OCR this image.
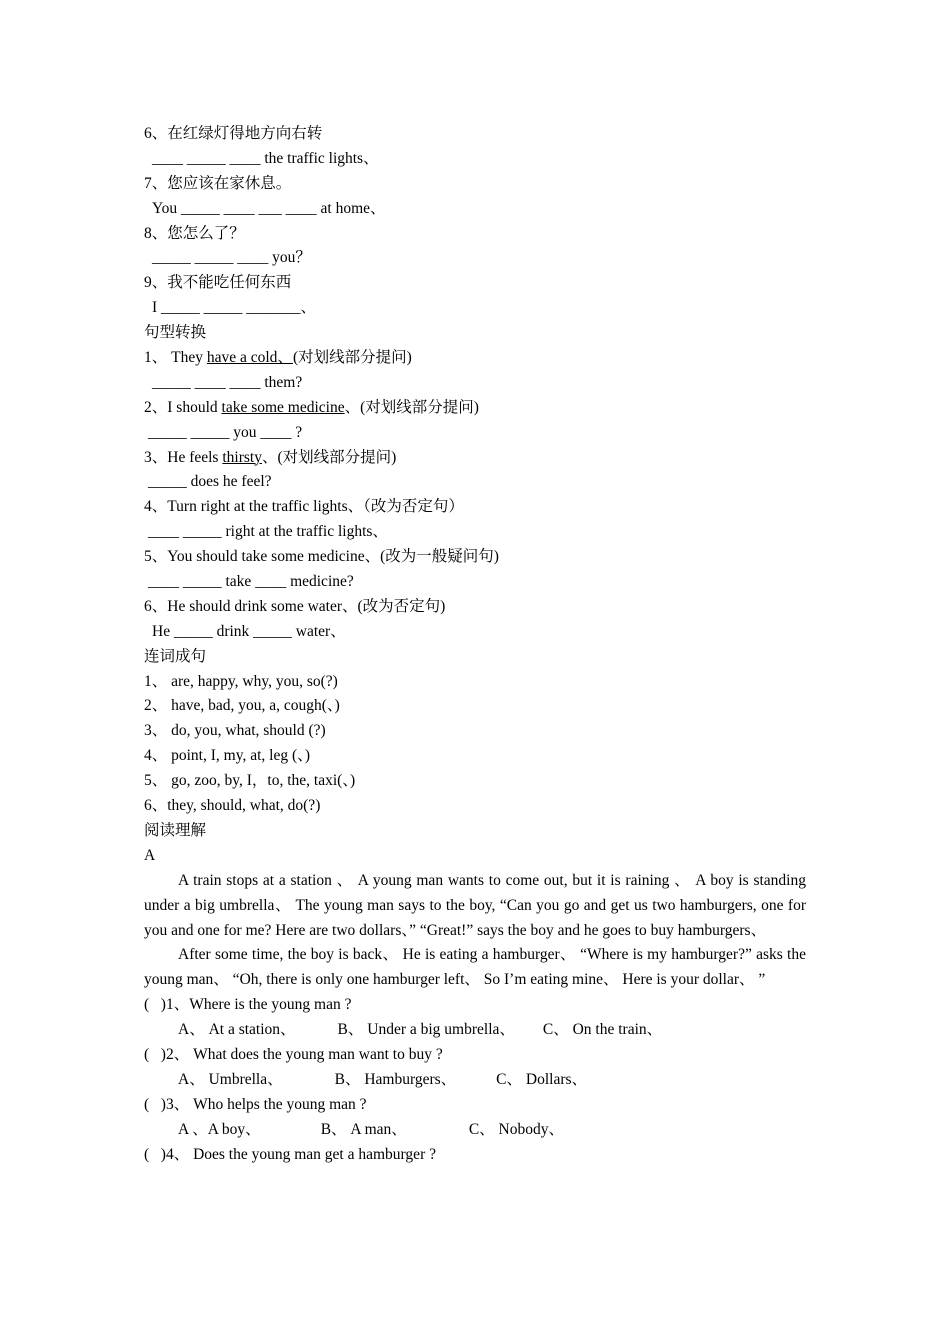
6、在红绿灯得地方向右转
____ _____ ____ the traffic lights、
7、您应该在家休息。
You _____ ____ ___ ____ at home、
8、您怎么了？
_____ _____ ____ you？
9、我不能吃任何东西
I _____ _____ _______、
句型转换
1、 They have a cold、(对划线部分提问)
_____ ____ ____ them?
2、I should take some medicine、(对划线部分提问)
_____ _____ you ____ ?
3、He feels thirsty、(对划线部分提问)
_____ does he feel?
4、Turn right at the traffic lights、（改为否定句）
____ _____ right at the traffic lights、
5、You should take some medicine、(改为一般疑问句)
____ _____ take ____ medicine?
6、He should drink some water、(改为否定句)
He _____ drink _____ water、
连词成句
1、 are, happy, why, you, so(?)
2、 have, bad, you, a, cough(、)
3、 do, you, what, should (?)
4、 point, I, my, at, leg (、)
5、 go, zoo, by, I，to, the, taxi(、)
6、they, should, what, do(?)
阅读理解
A
A train stops at a station 、 A young man wants to come out, but it is raining 、 A boy is standing under a big umbrella、 The young man says to the boy, “Can you go and get us two hamburgers, one for you and one for me? Here are two dollars、” “Great!” says the boy and he goes to buy hamburgers、
After some time, the boy is back、 He is eating a hamburger、 “Where is my hamburger?” asks the young man、 “Oh, there is only one hamburger left、 So I’m eating mine、 Here is your dollar、 ”
(   )1、Where is the young man ?
A、 At a station、	B、 Under a big umbrella、 C、 On the train、
(   )2、 What does the young man want to buy ?
A、 Umbrella、	B、 Hamburgers、	C、 Dollars、
(   )3、 Who helps the young man ?
A 、A boy、	B、 A man、	C、 Nobody、
(   )4、 Does the young man get a hamburger ?
